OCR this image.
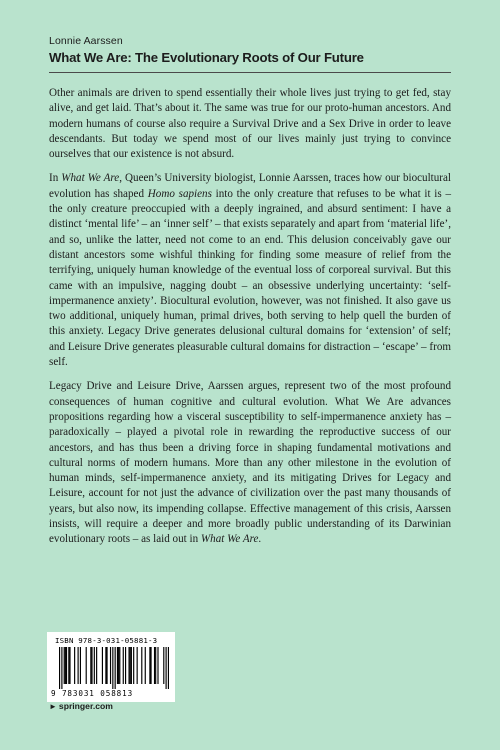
Lonnie Aarssen
What We Are: The Evolutionary Roots of Our Future

Other animals are driven to spend essentially their whole lives just trying to get fed, stay alive, and get laid. That’s about it. The same was true for our proto-human ancestors. And modern humans of course also require a Survival Drive and a Sex Drive in order to leave descendants. But today we spend most of our lives mainly just trying to convince ourselves that our existence is not absurd.

In What We Are, Queen’s University biologist, Lonnie Aarssen, traces how our biocultural evolution has shaped Homo sapiens into the only creature that refuses to be what it is – the only creature preoccupied with a deeply ingrained, and absurd sentiment: I have a distinct ‘mental life’ – an ‘inner self’ – that exists separately and apart from ‘material life’, and so, unlike the latter, need not come to an end. This delusion conceivably gave our distant ancestors some wishful thinking for finding some measure of relief from the terrifying, uniquely human knowledge of the eventual loss of corporeal survival. But this came with an impulsive, nagging doubt – an obsessive underlying uncertainty: ‘self-impermanence anxiety’. Biocultural evolution, however, was not finished. It also gave us two additional, uniquely human, primal drives, both serving to help quell the burden of this anxiety. Legacy Drive generates delusional cultural domains for ‘extension’ of self; and Leisure Drive generates pleasurable cultural domains for distraction – ‘escape’ – from self.

Legacy Drive and Leisure Drive, Aarssen argues, represent two of the most profound consequences of human cognitive and cultural evolution. What We Are advances propositions regarding how a visceral susceptibility to self-impermanence anxiety has – paradoxically – played a pivotal role in rewarding the reproductive success of our ancestors, and has thus been a driving force in shaping fundamental motivations and cultural norms of modern humans. More than any other milestone in the evolution of human minds, self-impermanence anxiety, and its mitigating Drives for Legacy and Leisure, account for not just the advance of civilization over the past many thousands of years, but also now, its impending collapse. Effective management of this crisis, Aarssen insists, will require a deeper and more broadly public understanding of its Darwinian evolutionary roots – as laid out in What We Are.

ISBN 978-3-031-05881-3
9 783031 058813
► springer.com
